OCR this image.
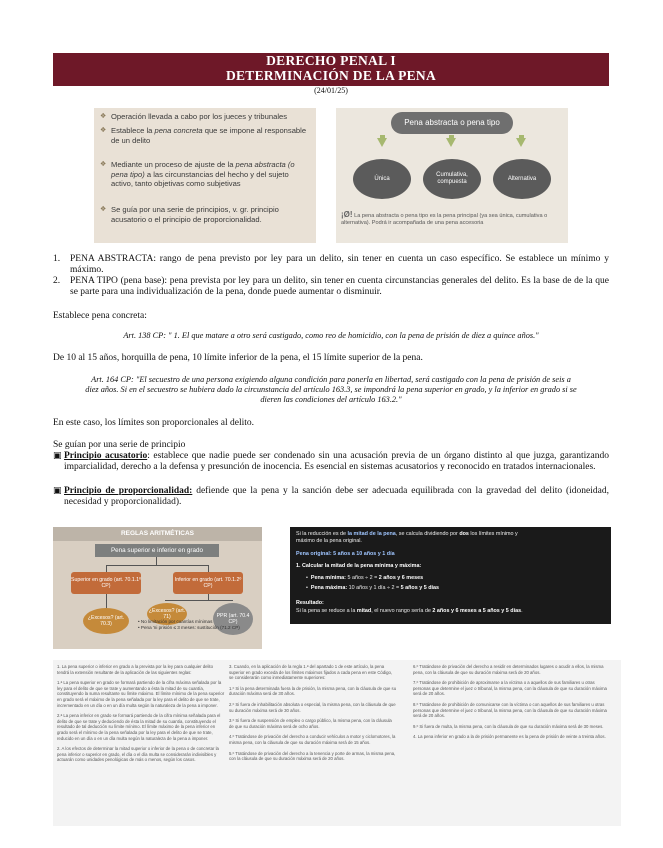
DERECHO PENAL I
DETERMINACIÓN DE LA PENA
(24/01/25)
❖ Operación llevada a cabo por los jueces y tribunales
❖ Establece la pena concreta que se impone al responsable de un delito
❖ Mediante un proceso de ajuste de la pena abstracta (o pena tipo) a las circunstancias del hecho y del sujeto activo, tanto objetivas como subjetivas
❖ Se guía por una serie de principios, v. gr. principio acusatorio o el principio de proporcionalidad.
Pena abstracta o pena tipo
Única
Cumulativa, compuesta
Alternativa
¡Ø! La pena abstracta o pena tipo es la pena principal (ya sea única, cumulativa o alternativa). Podrá ir acompañada de una pena accesoria
1.	PENA ABSTRACTA: rango de pena previsto por ley para un delito, sin tener en cuenta un caso específico. Se establece un mínimo y máximo.
2.	PENA TIPO (pena base): pena prevista por ley para un delito, sin tener en cuenta circunstancias generales del delito. Es la base de de la que se parte para una individualización de la pena, donde puede aumentar o disminuir.
Establece pena concreta:
Art. 138 CP: " 1. El que matare a otro será castigado, como reo de homicidio, con la pena de prisión de diez a quince años."
De 10 al 15 años, horquilla de pena, 10 límite inferior de la pena, el 15 límite superior de la pena.
Art. 164 CP: "El secuestro de una persona exigiendo alguna condición para ponerla en libertad, será castigado con la pena de prisión de seis a
diez años. Si en el secuestro se hubiera dado la circunstancia del artículo 163.3, se impondrá la pena superior en grado, y la inferior en grado si se
dieren las condiciones del artículo 163.2."
En este caso, los límites son proporcionales al delito.
Se guían por una serie de principio
▣ Principio acusatorio: establece que nadie puede ser condenado sin una acusación previa de un órgano distinto al que juzga, garantizando imparcialidad, derecho a la defensa y presunción de inocencia. Es esencial en sistemas acusatorios y reconocido en tratados internacionales.
▣ Principio de proporcionalidad: defiende que la pena y la sanción debe ser adecuada equilibrada con la gravedad del delito (idoneidad, necesidad y proporcionalidad).
REGLAS ARITMÉTICAS
Pena superior e inferior en grado
Superior en grado (art. 70.1.1º CP)
Inferior en grado (art. 70.1.2º CP)
¿Excesos? (art. 70.3)
¿Excesos? (art. 71)	PPR (art. 70.4 CP)
• No limitación por cuantías mínimas
• Pena 'ni prisión ≤ 3 meses: sustitución (71.2 CP)
Si la reducción es de la mitad de la pena, se calcula dividiendo por dos los límites mínimo y
máximo de la pena original.
Pena original: 5 años a 10 años y 1 día
1. Calcular la mitad de la pena mínima y máxima:
•  Pena mínima: 5 años ÷ 2 = 2 años y 6 meses
•  Pena máxima: 10 años y 1 día ÷ 2 = 5 años y 5 días
Resultado:
Si la pena se reduce a la mitad, el nuevo rango sería de 2 años y 6 meses a 5 años y 5 días.

1. La pena superior o inferior en grado a la prevista por la ley para cualquier delito tendrá la extensión resultante de la aplicación de las siguientes reglas:

1.ª La pena superior en grado se formará partiendo de la cifra máxima señalada por la ley para el delito de que se trate y aumentando a ésta la mitad de su cuantía, constituyendo la suma resultante su límite máximo. El límite mínimo de la pena superior en grado será el máximo de la pena señalada por la ley para el delito de que se trate, incrementado en un día o en un día multa según la naturaleza de la pena a imponer.

2.ª La pena inferior en grado se formará partiendo de la cifra mínima señalada para el delito de que se trate y deduciendo de ésta la mitad de su cuantía, constituyendo el resultado de tal deducción su límite mínimo. El límite máximo de la pena inferior en grado será el mínimo de la pena señalada por la ley para el delito de que se trate, reducido en un día o en un día multa según la naturaleza de la pena a imponer.

2. A los efectos de determinar la mitad superior o inferior de la pena o de concretar la pena inferior o superior en grado, el día o el día multa se considerarán indivisibles y actuarán como unidades penológicas de más o menos, según los casos.

3. Cuando, en la aplicación de la regla 1.ª del apartado 1 de este artículo, la pena superior en grado exceda de los límites máximos fijados a cada pena en este Código, se considerarán como inmediatamente superiores:

1.º Si la pena determinada fuera la de prisión, la misma pena, con la cláusula de que su duración máxima será de 30 años.

2.º Si fuera de inhabilitación absoluta o especial, la misma pena, con la cláusula de que su duración máxima será de 30 años.

3.º Si fuera de suspensión de empleo o cargo público, la misma pena, con la cláusula de que su duración máxima será de ocho años.

4.º Tratándose de privación del derecho a conducir vehículos a motor y ciclomotores, la misma pena, con la cláusula de que su duración máxima será de 15 años.

5.º Tratándose de privación del derecho a la tenencia y porte de armas, la misma pena, con la cláusula de que su duración máxima será de 20 años.

6.º Tratándose de privación del derecho a residir en determinados lugares o acudir a ellos, la misma pena, con la cláusula de que su duración máxima será de 20 años.

7.º Tratándose de prohibición de aproximarse a la víctima o a aquellos de sus familiares u otras personas que determine el juez o tribunal, la misma pena, con la cláusula de que su duración máxima será de 20 años.

8.º Tratándose de prohibición de comunicarse con la víctima o con aquellos de sus familiares u otras personas que determine el juez o tribunal, la misma pena, con la cláusula de que su duración máxima será de 20 años.

9.º Si fuera de multa, la misma pena, con la cláusula de que su duración máxima será de 30 meses.

4. La pena inferior en grado a la de prisión permanente es la pena de prisión de veinte a treinta años.
